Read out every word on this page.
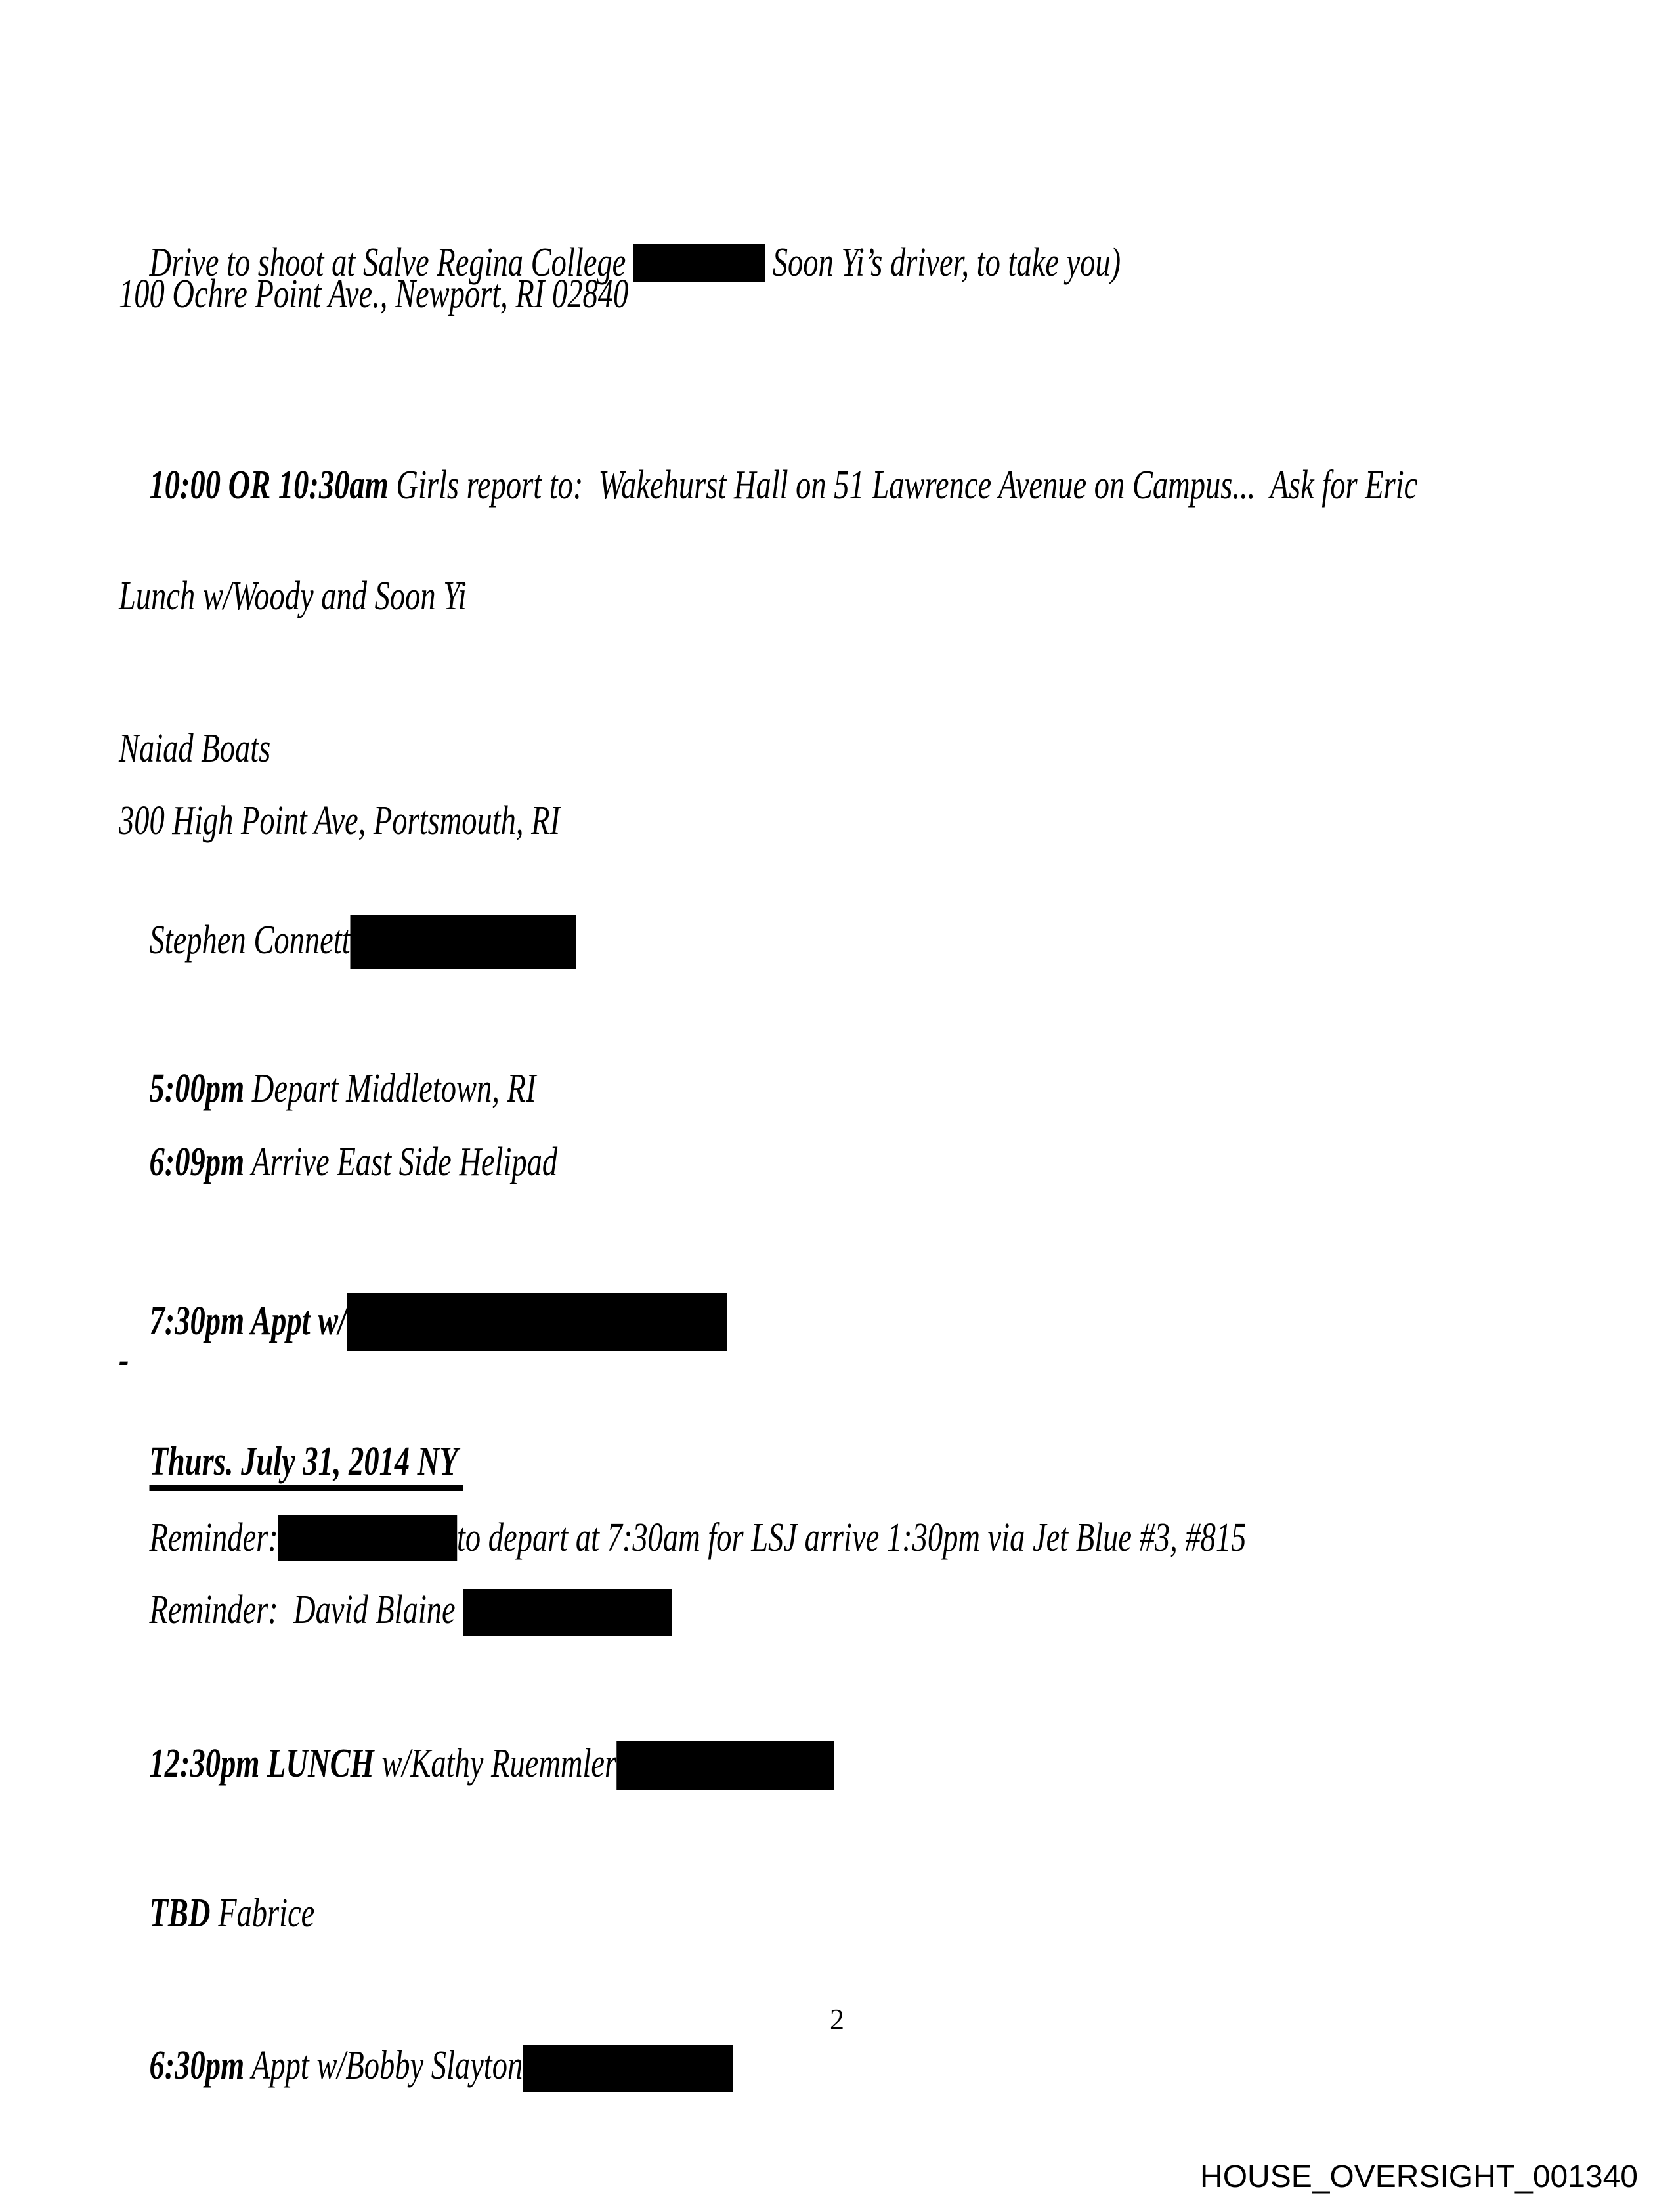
Drive to shoot at Salve Regina College	Soon Yi’s driver, to take you)

100 Ochre Point Ave., Newport, RI 02840

10:00 OR 10:30am Girls report to:  Wakehurst Hall on 51 Lawrence Avenue on Campus...  Ask for Eric

Lunch w/Woody and Soon Yi

Naiad Boats

300 High Point Ave, Portsmouth, RI

Stephen Connett

5:00pm Depart Middletown, RI

6:09pm Arrive East Side Helipad

7:30pm Appt w/

-

Thurs. July 31, 2014 NY

Reminder:	to depart at 7:30am for LSJ arrive 1:30pm via Jet Blue #3, #815

Reminder:  David Blaine

12:30pm LUNCH w/Kathy Ruemmler

TBD Fabrice

6:30pm Appt w/Bobby Slayton

2
HOUSE_OVERSIGHT_001340
